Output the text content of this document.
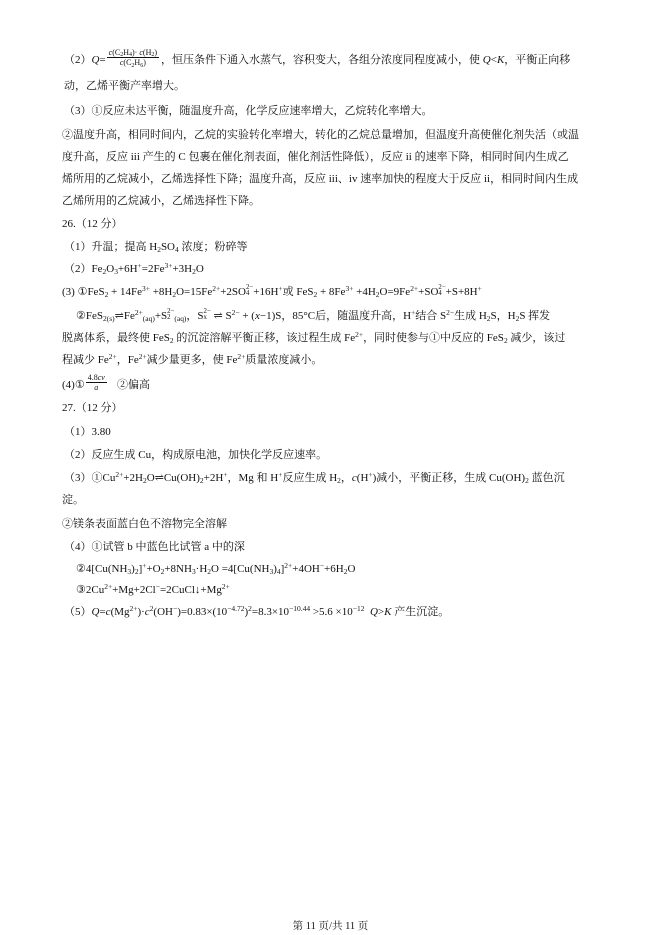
$(2)Q= \frac{c(C_2H_4)\cdot c(H_2)}{c(C_2H_6)}$ ，恒压条件下通入水蒸气，容积变大，各组分浓度同程度减小，使 Q<K，平衡正向移
动，乙烯平衡产率增大。
（3）①反应未达平衡，随温度升高，化学反应速率增大，乙烷转化率增大。
②温度升高，相同时间内，乙烷的实验转化率增大，转化的乙烷总量增加，但温度升高使催化剂失活（或温
度升高，反应 iii 产生的 C 包裹在催化剂表面，催化剂活性降低），反应 ii 的速率下降，相同时间内生成乙
烯所用的乙烷减小，乙烯选择性下降；温度升高，反应 iii、iv 速率加快的程度大于反应 ii，相同时间内生成
乙烯所用的乙烷减小，乙烯选择性下降。
26.（12 分）
（1）升温；提高 $H_2SO_4$ 浓度；粉碎等
$(2)Fe_2O_3+6H^+=2Fe^{3+}+3H_2O$
(3) ①FeS$_2$ + $14Fe^{3+} +8H_2O=15Fe^{2+}+2SO$ 2−
4 +16H+或 $FeS_2 + 8Fe^{3+} +4H_2O=9Fe^{2+}+SO$ 2−
4 +S+8H+
$②FeS_{2(s)}\rightleftharpoons Fe^{2+}_{(aq)}+S$ 2−
2 $_{(aq)}$，S 2−
x ⇌ $S^{2-} + (x-1)S$，85°C后，随温度升高，H+结合 $S^{2-}$生成 $H_2S$，$H_2S$ 挥发
脱离体系，最终使 FeS$_2$ 的沉淀溶解平衡正移，该过程生成 $Fe^{2+}$，同时使参与①中反应的 FeS$_2$ 减少，该过
程减少 $Fe^{2+}$，$Fe^{2+}$减少量更多，使 $Fe^{2+}$质量浓度减小。
(4)① $\frac{4.8cv}{a}$ ②偏高
27.（12 分）
（1）3.80
（2）反应生成 Cu，构成原电池，加快化学反应速率。
$(3)①Cu^{2+}+2H_2O\rightleftharpoons Cu(OH)_2+2H^+$，Mg 和 H+反应生成 $H_2$，c(H+)减小，平衡正移，生成 $Cu(OH)_2$ 蓝色沉
淀。
②镁条表面蓝白色不溶物完全溶解
（4）①试管 b 中蓝色比试管 a 中的深
$②4[Cu(NH_3)_2]^++O_2+8NH_3\cdot H_2O =4[Cu(NH_3)_4]^{2+}+4OH^-+6H_2O$
$③2Cu^{2+}+Mg+2Cl^-=2CuCl↓+Mg^{2+}$
$(5)Q=c(Mg^{2+})\cdot c^2(OH^-)=0.83\times(10^{-4.72})^2=8.3\times 10^{-10.44} >5.6 \times 10^{-12}$ Q>K 产生沉淀。
第 11 页/共 11 页
